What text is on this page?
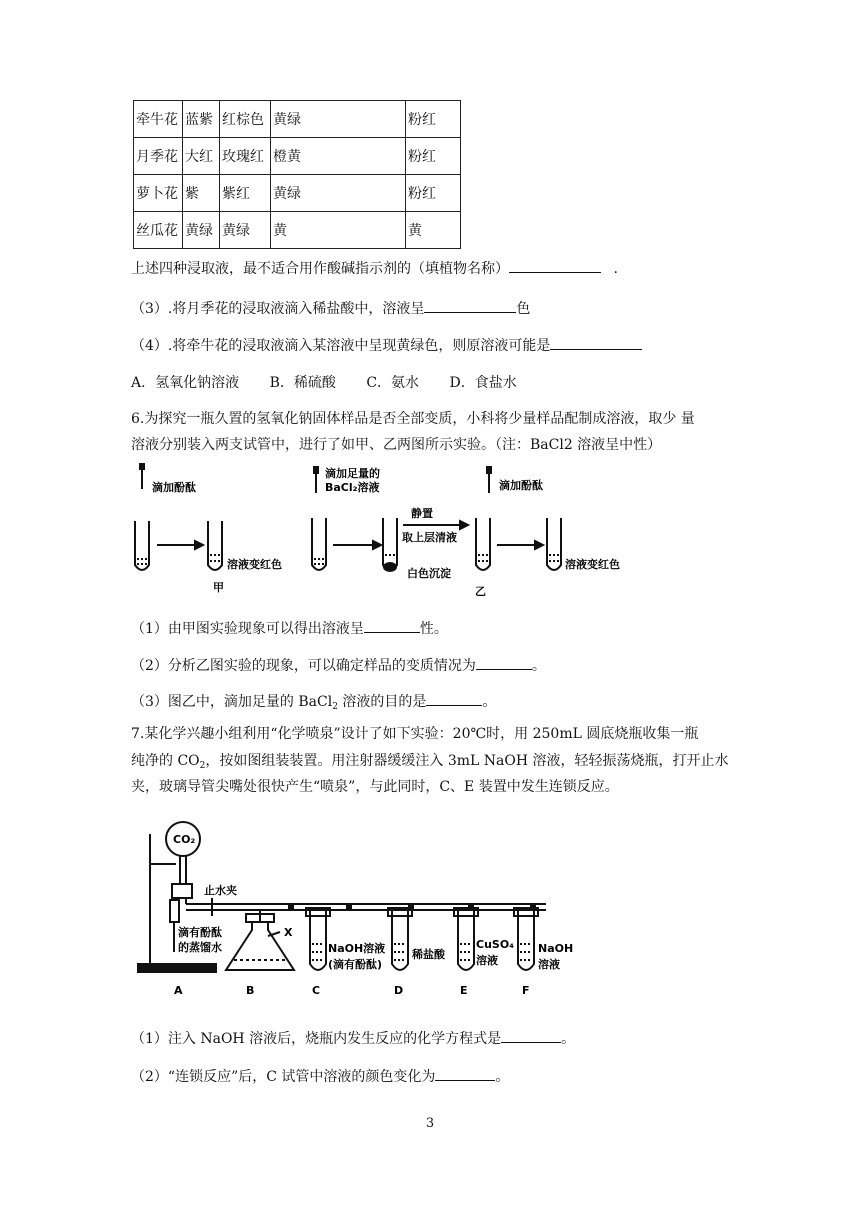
牵牛花	蓝紫	红棕色	黄绿	粉红
月季花	大红	玫瑰红	橙黄	粉红
萝卜花	紫	紫红	黄绿	粉红
丝瓜花	黄绿	黄绿	黄	黄
上述四种浸取液，最不适合用作酸碱指示剂的（填植物名称）	.
（3）.将月季花的浸取液滴入稀盐酸中，溶液呈	色
（4）.将牵牛花的浸取液滴入某溶液中呈现黄绿色，则原溶液可能是
A．氢氧化钠溶液 B．稀硫酸 C．氨水 D．食盐水
6.为探究一瓶久置的氢氧化钠固体样品是否全部变质，小科将少量样品配制成溶液，取少 量
溶液分别装入两支试管中，进行了如甲、乙两图所示实验。（注：BaCl2 溶液呈中性）
滴加酚酞
溶液变红色
甲
滴加足量的
BaCl₂溶液
静置
取上层清液
白色沉淀
滴加酚酞
溶液变红色
乙
（1）由甲图实验现象可以得出溶液呈	性。
（2）分析乙图实验的现象，可以确定样品的变质情况为	。
（3）图乙中，滴加足量的 BaCl$_2$ 溶液的目的是	。
7.某化学兴趣小组利用“化学喷泉”设计了如下实验：20℃时，用 250mL 圆底烧瓶收集一瓶
纯净的 $CO_2$，按如图组装装置。用注射器缓缓注入 3mL NaOH 溶液，轻轻振荡烧瓶，打开止水
夹，玻璃导管尖嘴处很快产生“喷泉”，与此同时，C、E 装置中发生连锁反应。
CO₂
止水夹
滴有酚酞
的蒸馏水
X
NaOH溶液
(滴有酚酞)
稀盐酸
CuSO₄
溶液
NaOH
溶液
A	B	C	D	E	F
（1）注入 NaOH 溶液后，烧瓶内发生反应的化学方程式是	。
（2）“连锁反应”后，C 试管中溶液的颜色变化为	。
3
